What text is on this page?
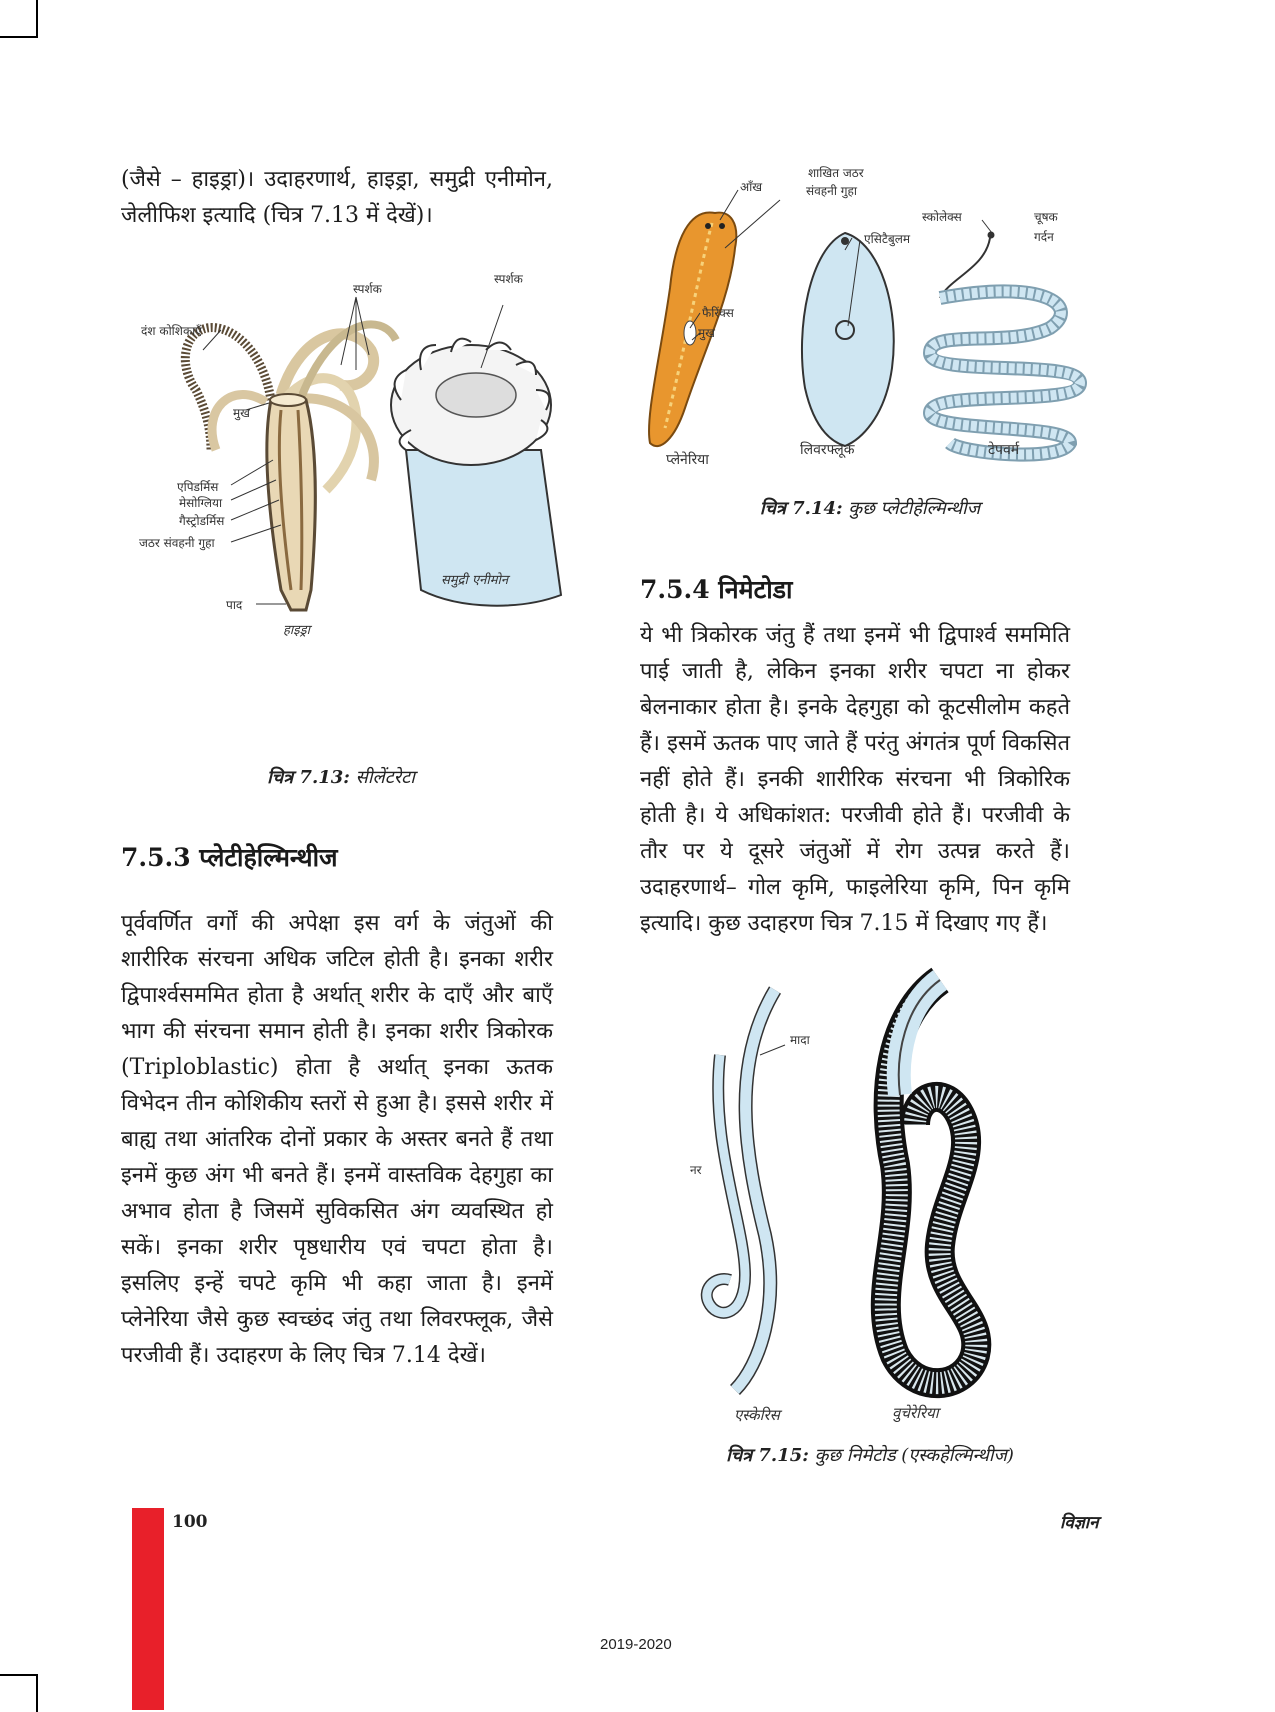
(जैसे – हाइड्रा)। उदाहरणार्थ, हाइड्रा, समुद्री एनीमोन, जेलीफिश इत्यादि (चित्र 7.13 में देखें)।
स्पर्शक
स्पर्शक
दंश कोशिकाएँ
मुख
एपिडर्मिस
मेसोग्लिया
गैस्ट्रोडर्मिस
जठर संवहनी गुहा
पाद
हाइड्रा
समुद्री एनीमोन
चित्र 7.13: सीलेंटरेटा
7.5.3 प्लेटीहेल्मिन्थीज
पूर्ववर्णित वर्गों की अपेक्षा इस वर्ग के जंतुओं की शारीरिक संरचना अधिक जटिल होती है। इनका शरीर द्विपार्श्वसममित होता है अर्थात् शरीर के दाएँ और बाएँ भाग की संरचना समान होती है। इनका शरीर त्रिकोरक (Triploblastic) होता है अर्थात् इनका ऊतक विभेदन तीन कोशिकीय स्तरों से हुआ है। इससे शरीर में बाह्य तथा आंतरिक दोनों प्रकार के अस्तर बनते हैं तथा इनमें कुछ अंग भी बनते हैं। इनमें वास्तविक देहगुहा का अभाव होता है जिसमें सुविकसित अंग व्यवस्थित हो सकें। इनका शरीर पृष्ठधारीय एवं चपटा होता है। इसलिए इन्हें चपटे कृमि भी कहा जाता है। इनमें प्लेनेरिया जैसे कुछ स्वच्छंद जंतु तथा लिवरफ्लूक, जैसे परजीवी हैं। उदाहरण के लिए चित्र 7.14 देखें।
आँख
शाखित जठर
संवहनी गुहा
फैरिंक्स
मुख
एसिटैबुलम
स्कोलेक्स	चूषक
गर्दन
प्लेनेरिया
लिवरफ्लूक	टेपवर्म
चित्र 7.14: कुछ प्लेटीहेल्मिन्थीज
7.5.4 निमेटोडा
ये भी त्रिकोरक जंतु हैं तथा इनमें भी द्विपार्श्व सममिति पाई जाती है, लेकिन इनका शरीर चपटा ना होकर बेलनाकार होता है। इनके देहगुहा को कूटसीलोम कहते हैं। इसमें ऊतक पाए जाते हैं परंतु अंगतंत्र पूर्ण विकसित नहीं होते हैं। इनकी शारीरिक संरचना भी त्रिकोरिक होती है। ये अधिकांशत: परजीवी होते हैं। परजीवी के तौर पर ये दूसरे जंतुओं में रोग उत्पन्न करते हैं। उदाहरणार्थ– गोल कृमि, फाइलेरिया कृमि, पिन कृमि इत्यादि। कुछ उदाहरण चित्र 7.15 में दिखाए गए हैं।
मादा
नर
एस्केरिस	वुचेरेरिया
चित्र 7.15: कुछ निमेटोड (एस्कहेल्मिन्थीज)
100	विज्ञान
2019-2020
